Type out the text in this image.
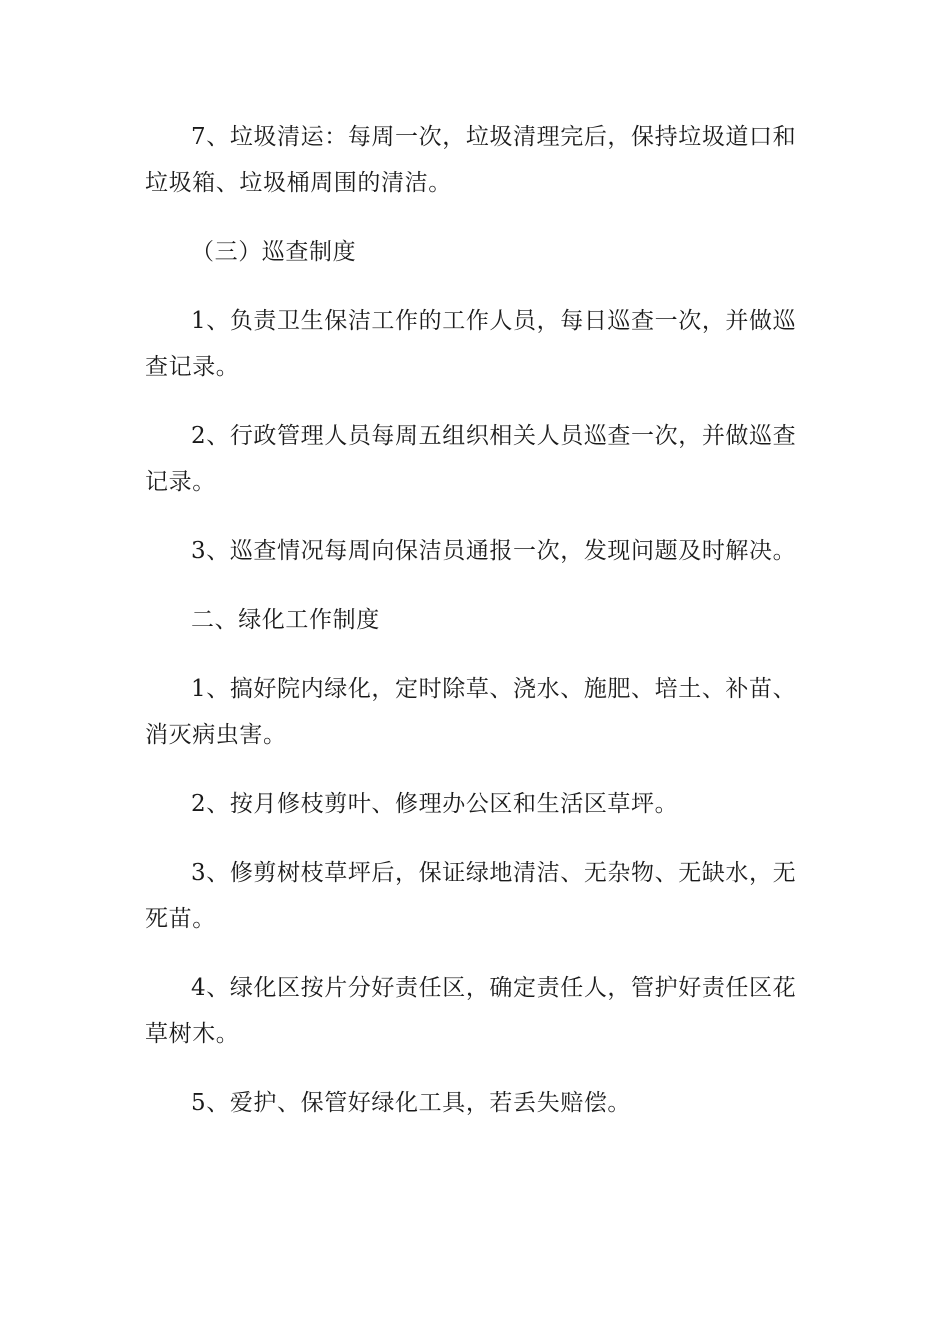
7、垃圾清运：每周一次，垃圾清理完后，保持垃圾道口和垃圾箱、垃圾桶周围的清洁。

（三）巡查制度

1、负责卫生保洁工作的工作人员，每日巡查一次，并做巡查记录。

2、行政管理人员每周五组织相关人员巡查一次，并做巡查记录。

3、巡查情况每周向保洁员通报一次，发现问题及时解决。

二、绿化工作制度

1、搞好院内绿化，定时除草、浇水、施肥、培土、补苗、消灭病虫害。

2、按月修枝剪叶、修理办公区和生活区草坪。

3、修剪树枝草坪后，保证绿地清洁、无杂物、无缺水，无死苗。

4、绿化区按片分好责任区，确定责任人，管护好责任区花草树木。

5、爱护、保管好绿化工具，若丢失赔偿。
